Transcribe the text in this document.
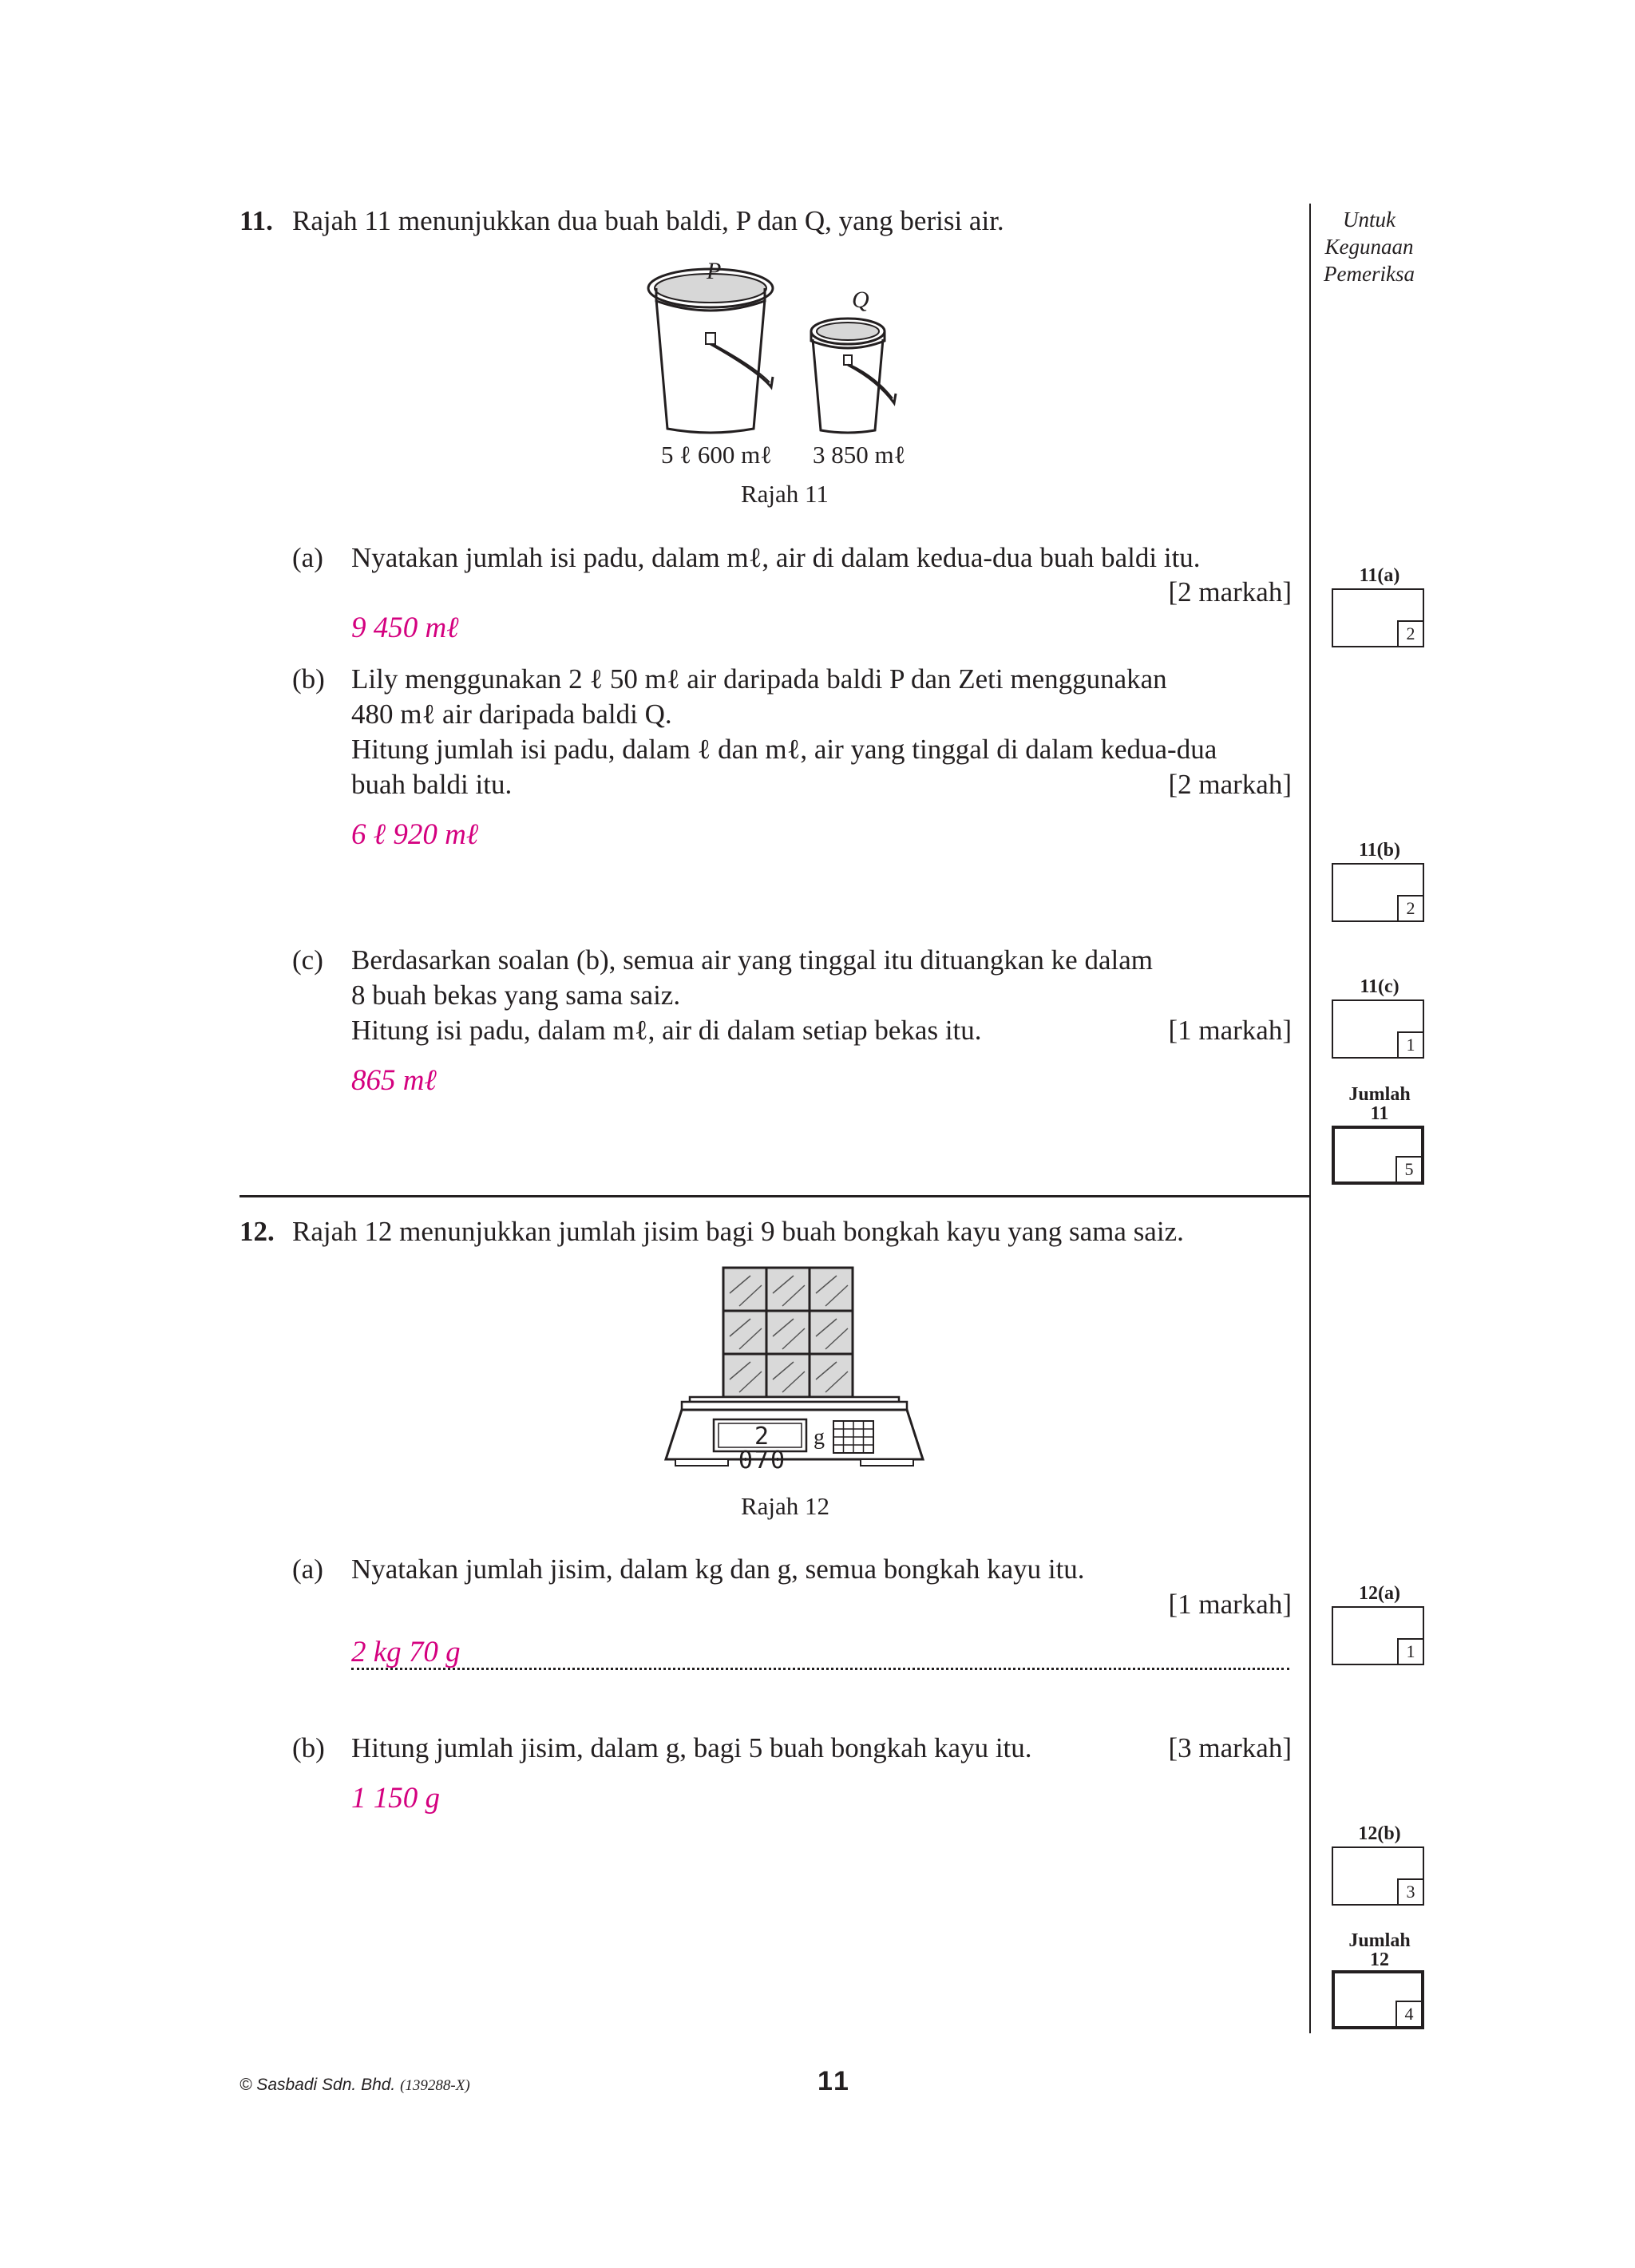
Untuk
Kegunaan
Pemeriksa
11. Rajah 11 menunjukkan dua buah baldi, P dan Q, yang berisi air.
P
Q
5 ℓ 600 mℓ 3 850 mℓ
Rajah 11
(a) Nyatakan jumlah isi padu, dalam mℓ, air di dalam kedua-dua buah baldi itu.
[2 markah]
9 450 mℓ
(b) Lily menggunakan 2 ℓ 50 mℓ air daripada baldi P dan Zeti menggunakan
480 mℓ air daripada baldi Q.
Hitung jumlah isi padu, dalam ℓ dan mℓ, air yang tinggal di dalam kedua-dua
buah baldi itu.	[2 markah]
6 ℓ 920 mℓ
(c) Berdasarkan soalan (b), semua air yang tinggal itu dituangkan ke dalam
8 buah bekas yang sama saiz.
Hitung isi padu, dalam mℓ, air di dalam setiap bekas itu.	[1 markah]
865 mℓ
11(a)
2
11(b)
2
11(c)
1
Jumlah
11
5
12. Rajah 12 menunjukkan jumlah jisim bagi 9 buah bongkah kayu yang sama saiz.
2 070
g
Rajah 12
(a) Nyatakan jumlah jisim, dalam kg dan g, semua bongkah kayu itu.
[1 markah]
2 kg 70 g
(b) Hitung jumlah jisim, dalam g, bagi 5 buah bongkah kayu itu.	[3 markah]
1 150 g
12(a)
1
12(b)
3
Jumlah
12
4
© Sasbadi Sdn. Bhd. (139288-X)	11
